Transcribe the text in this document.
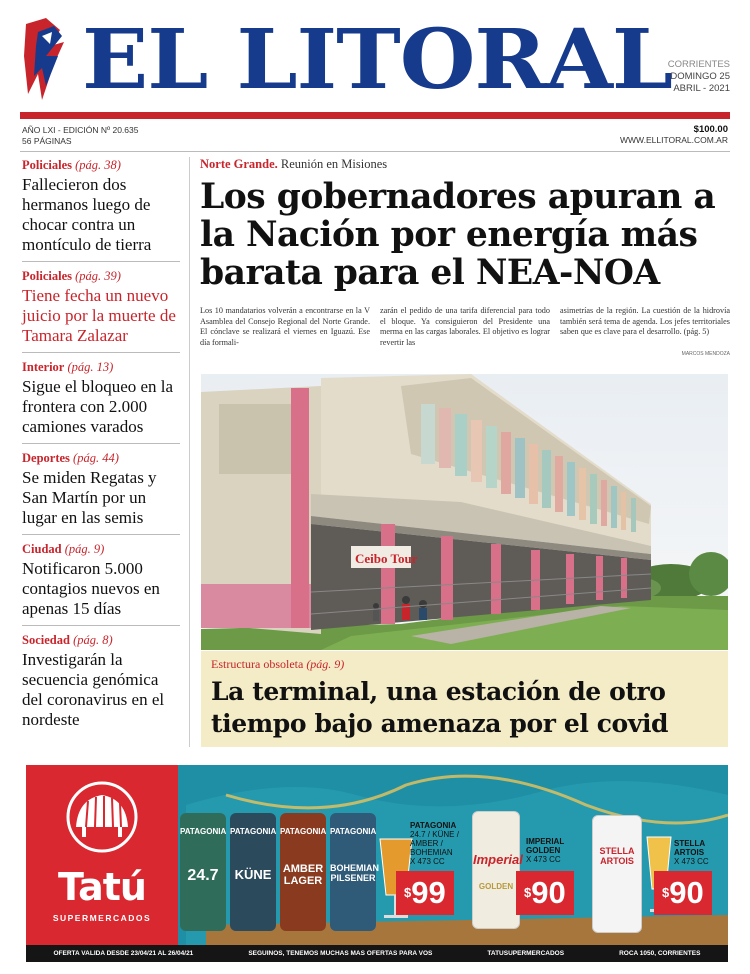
EL LITORAL
CORRIENTES
DOMINGO 25
ABRIL - 2021
AÑO LXI - EDICIÓN Nº 20.635
56 PÁGINAS
$100.00
WWW.ELLITORAL.COM.AR
Policiales (pág. 38)
Fallecieron dos hermanos luego de chocar contra un montículo de tierra
Policiales (pág. 39)
Tiene fecha un nuevo juicio por la muerte de Tamara Zalazar
Interior (pág. 13)
Sigue el bloqueo en la frontera con 2.000 camiones varados
Deportes (pág. 44)
Se miden Regatas y San Martín por un lugar en las semis
Ciudad (pág. 9)
Notificaron 5.000 contagios nuevos en apenas 15 días
Sociedad (pág. 8)
Investigarán la secuencia genómica del coronavirus en el nordeste
Norte Grande. Reunión en Misiones
Los gobernadores apuran a la Nación por energía más barata para el NEA-NOA

Los 10 mandatarios volverán a encontrarse en la V Asamblea del Consejo Regional del Norte Grande. El cónclave se realizará el viernes en Iguazú. Ese día formali-

zarán el pedido de una tarifa diferencial para todo el bloque. Ya consiguieron del Presidente una merma en las cargas laborales. El objetivo es lograr revertir las

asimetrías de la región. La cuestión de la hidrovía también será tema de agenda. Los jefes territoriales saben que es clave para el desarrollo. (pág. 5)

MARCOS MENDOZA
Ceibo Tour
Estructura obsoleta (pág. 9)
La terminal, una estación de otro tiempo bajo amenaza por el covid
Tatú
SUPERMERCADOS
PATAGONIA
24.7
PATAGONIA
KÜNE
PATAGONIA
AMBER LAGER
PATAGONIA
BOHEMIAN PILSENER
PATAGONIA
24.7 / KÜNE / AMBER / BOHEMIAN
X 473 CC
$99
Imperial
GOLDEN
IMPERIAL GOLDEN
X 473 CC
$90
STELLA ARTOIS
STELLA ARTOIS
X 473 CC
$90
OFERTA VALIDA DESDE 23/04/21 AL 26/04/21	SEGUINOS, TENEMOS MUCHAS MAS OFERTAS PARA VOS	TATUSUPERMERCADOS	ROCA 1050, CORRIENTES
